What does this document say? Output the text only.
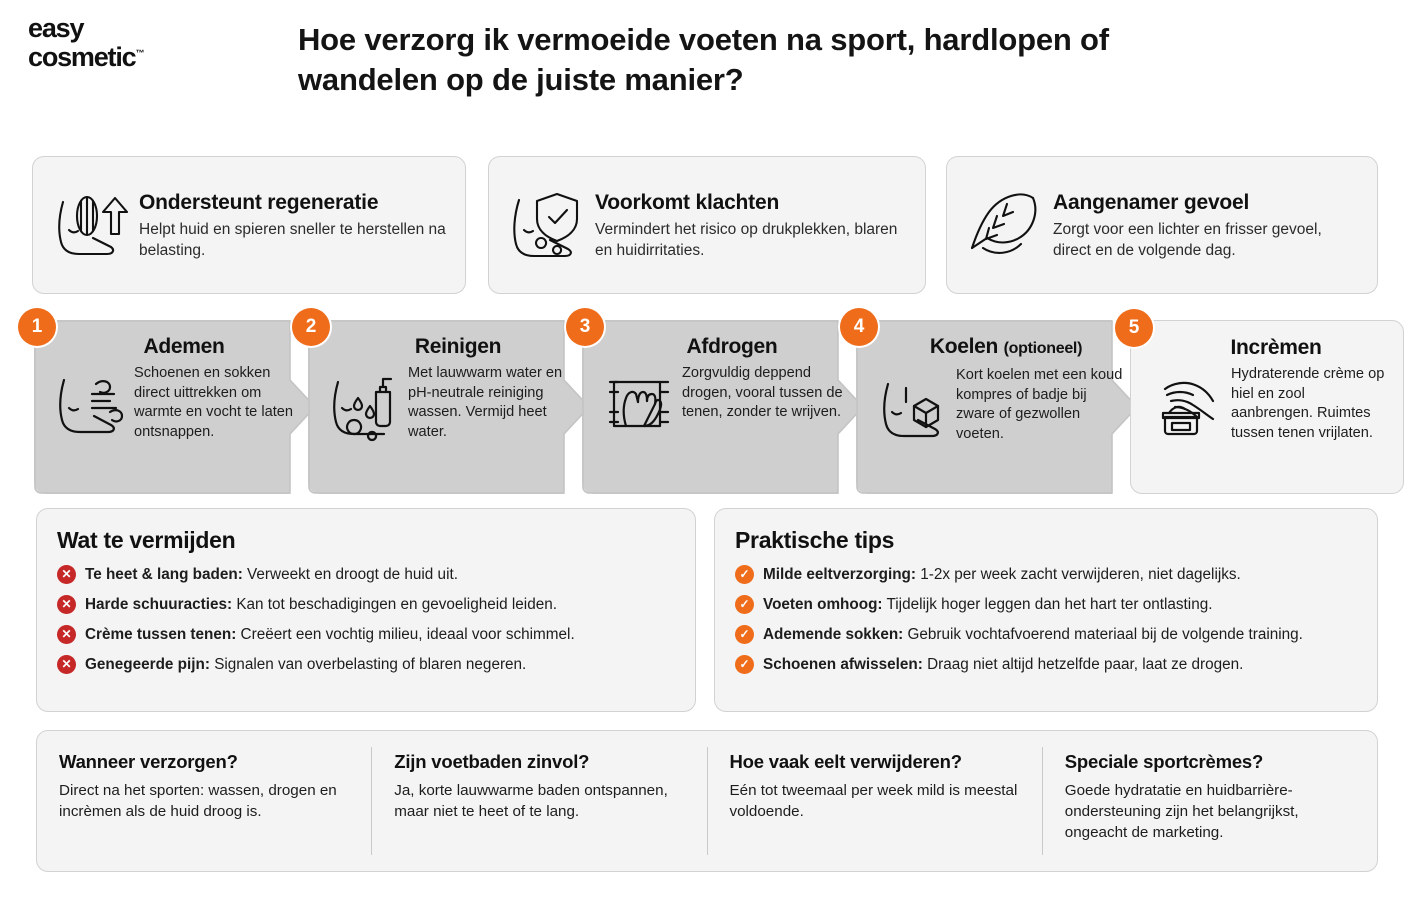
easy
cosmetic™	Hoe verzorg ik vermoeide voeten na sport, hardlopen of wandelen op de juiste manier?
Ondersteunt regeneratie

Helpt huid en spieren sneller te herstellen na belasting.

Voorkomt klachten

Vermindert het risico op drukplekken, blaren en huidirritaties.

Aangenamer gevoel

Zorgt voor een lichter en frisser gevoel, direct en de volgende dag.

1
Ademen

Schoenen en sokken direct uittrekken om warmte en vocht te laten ontsnappen.

2
Reinigen

Met lauwwarm water en pH-neutrale reiniging wassen. Vermijd heet water.

3
Afdrogen

Zorgvuldig deppend drogen, vooral tussen de tenen, zonder te wrijven.

4
Koelen (optioneel)

Kort koelen met een koud kompres of badje bij zware of gezwollen voeten.

5
Incrèmen

Hydraterende crème op hiel en zool aanbrengen. Ruimtes tussen tenen vrijlaten.

Wat te vermijden
✕ Te heet & lang baden: Verweekt en droogt de huid uit.
✕ Harde schuuracties: Kan tot beschadigingen en gevoeligheid leiden.
✕ Crème tussen tenen: Creëert een vochtig milieu, ideaal voor schimmel.
✕ Genegeerde pijn: Signalen van overbelasting of blaren negeren.
Praktische tips
✓ Milde eeltverzorging: 1-2x per week zacht verwijderen, niet dagelijks.
✓ Voeten omhoog: Tijdelijk hoger leggen dan het hart ter ontlasting.
✓ Ademende sokken: Gebruik vochtafvoerend materiaal bij de volgende training.
✓ Schoenen afwisselen: Draag niet altijd hetzelfde paar, laat ze drogen.
Wanneer verzorgen?

Direct na het sporten: wassen, drogen en incrèmen als de huid droog is.

Zijn voetbaden zinvol?

Ja, korte lauwwarme baden ontspannen, maar niet te heet of te lang.

Hoe vaak eelt verwijderen?

Eén tot tweemaal per week mild is meestal voldoende.

Speciale sportcrèmes?

Goede hydratatie en huidbarrière-ondersteuning zijn het belangrijkst, ongeacht de marketing.
